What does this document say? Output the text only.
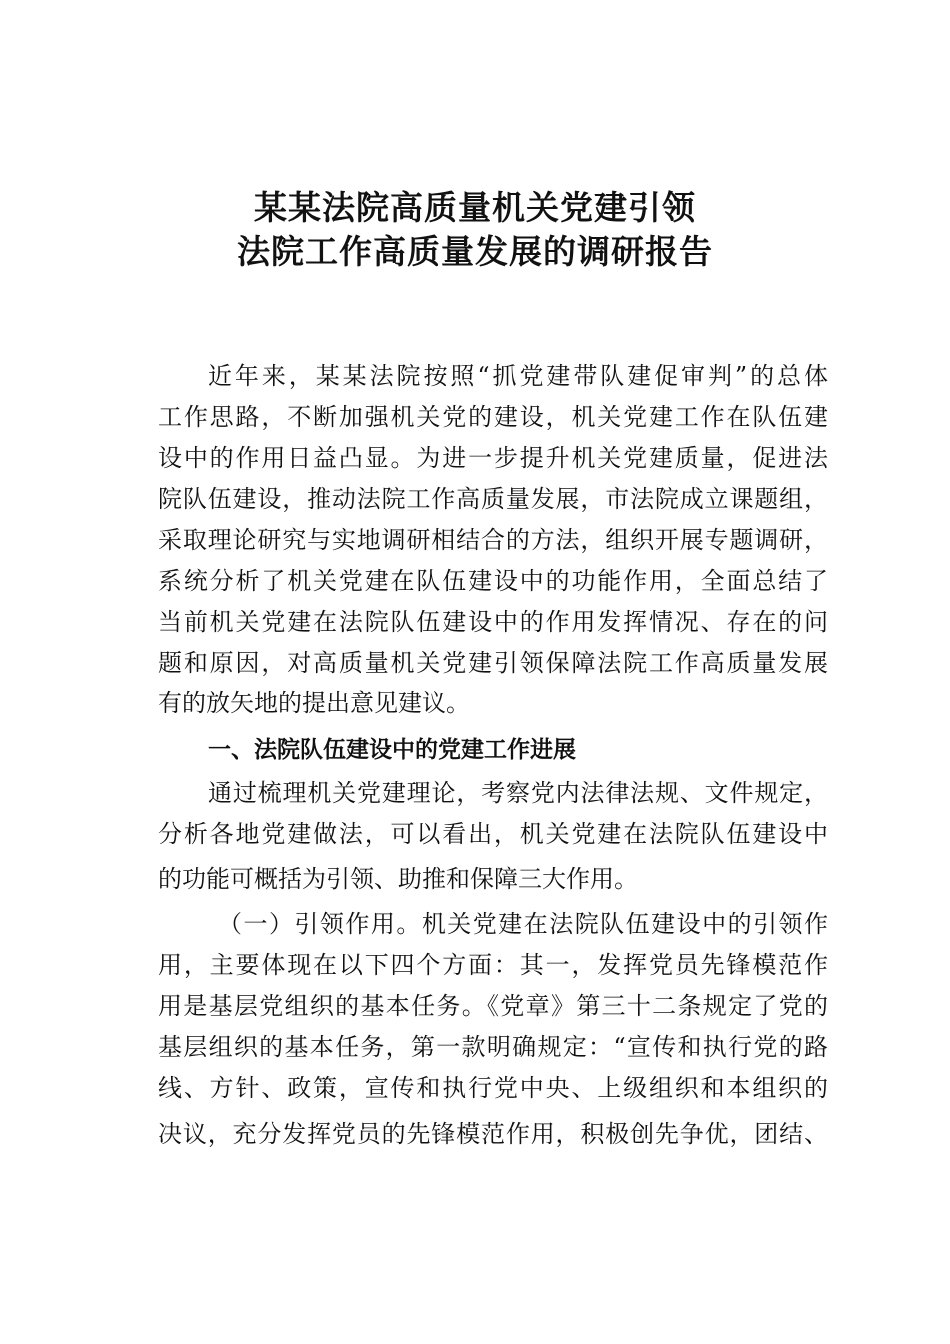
某某法院高质量机关党建引领
法院工作高质量发展的调研报告
近年来，某某法院按照“抓党建带队建促审判”的总体
工作思路，不断加强机关党的建设，机关党建工作在队伍建
设中的作用日益凸显。为进一步提升机关党建质量，促进法
院队伍建设，推动法院工作高质量发展，市法院成立课题组，
采取理论研究与实地调研相结合的方法，组织开展专题调研，
系统分析了机关党建在队伍建设中的功能作用，全面总结了
当前机关党建在法院队伍建设中的作用发挥情况、存在的问
题和原因，对高质量机关党建引领保障法院工作高质量发展
有的放矢地的提出意见建议。
一、法院队伍建设中的党建工作进展
通过梳理机关党建理论，考察党内法律法规、文件规定，
分析各地党建做法，可以看出，机关党建在法院队伍建设中
的功能可概括为引领、助推和保障三大作用。
（一）引领作用。机关党建在法院队伍建设中的引领作
用，主要体现在以下四个方面：其一，发挥党员先锋模范作
用是基层党组织的基本任务。《党章》第三十二条规定了党的
基层组织的基本任务，第一款明确规定：“宣传和执行党的路
线、方针、政策，宣传和执行党中央、上级组织和本组织的
决议，充分发挥党员的先锋模范作用，积极创先争优，团结、
